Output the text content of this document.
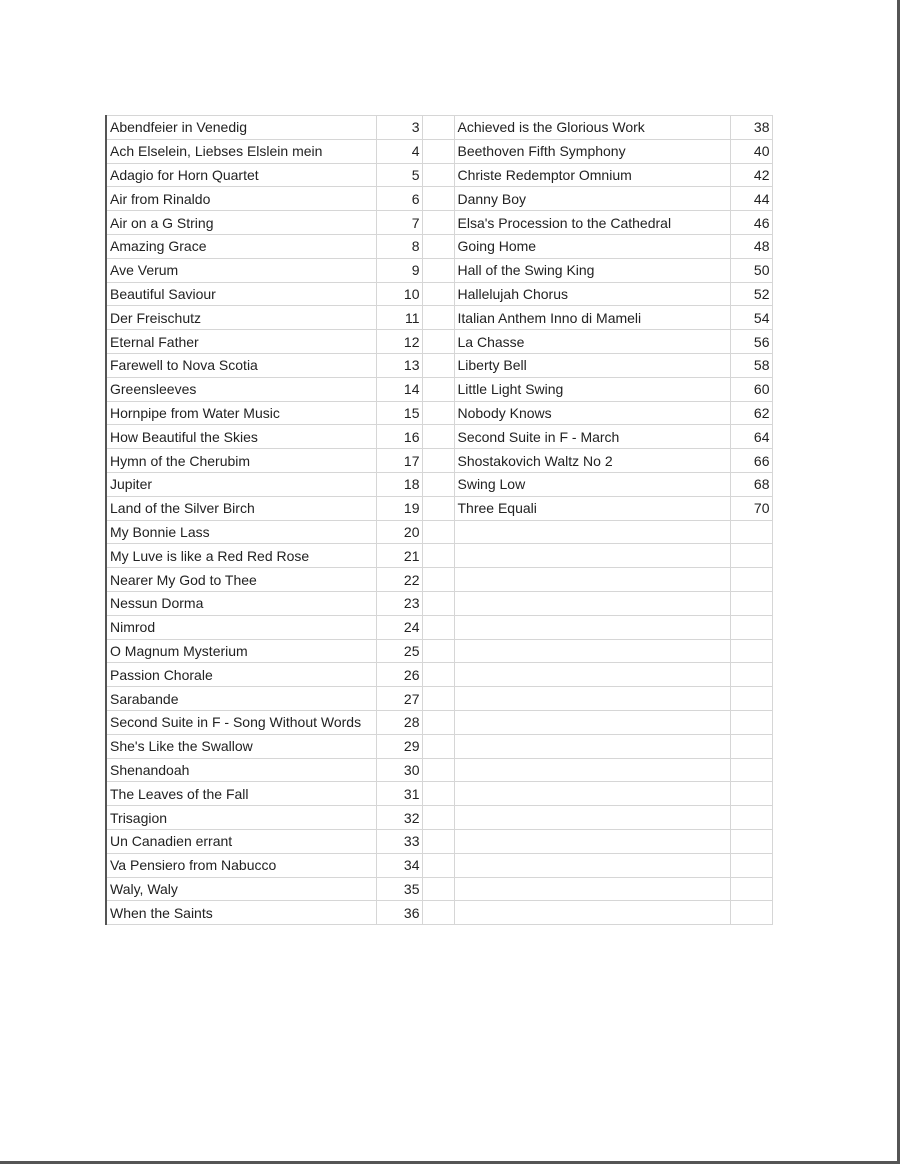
Abendfeier in Venedig	3		Achieved is the Glorious Work	38
Ach Elselein, Liebses Elslein mein	4		Beethoven Fifth Symphony	40
Adagio for Horn Quartet	5		Christe Redemptor Omnium	42
Air from Rinaldo	6		Danny Boy	44
Air on a G String	7		Elsa's Procession to the Cathedral	46
Amazing Grace	8		Going Home	48
Ave Verum	9		Hall of the Swing King	50
Beautiful Saviour	10		Hallelujah Chorus	52
Der Freischutz	11		Italian Anthem Inno di Mameli	54
Eternal Father	12		La Chasse	56
Farewell to Nova Scotia	13		Liberty Bell	58
Greensleeves	14		Little Light Swing	60
Hornpipe from Water Music	15		Nobody Knows	62
How Beautiful the Skies	16		Second Suite in F - March	64
Hymn of the Cherubim	17		Shostakovich Waltz No 2	66
Jupiter	18		Swing Low	68
Land of the Silver Birch	19		Three Equali	70
My Bonnie Lass	20			
My Luve is like a Red Red Rose	21			
Nearer My God to Thee	22			
Nessun Dorma	23			
Nimrod	24			
O Magnum Mysterium	25			
Passion Chorale	26			
Sarabande	27			
Second Suite in F - Song Without Words	28			
She's Like the Swallow	29			
Shenandoah	30			
The Leaves of the Fall	31			
Trisagion	32			
Un Canadien errant	33			
Va Pensiero from Nabucco	34			
Waly, Waly	35			
When the Saints	36			
